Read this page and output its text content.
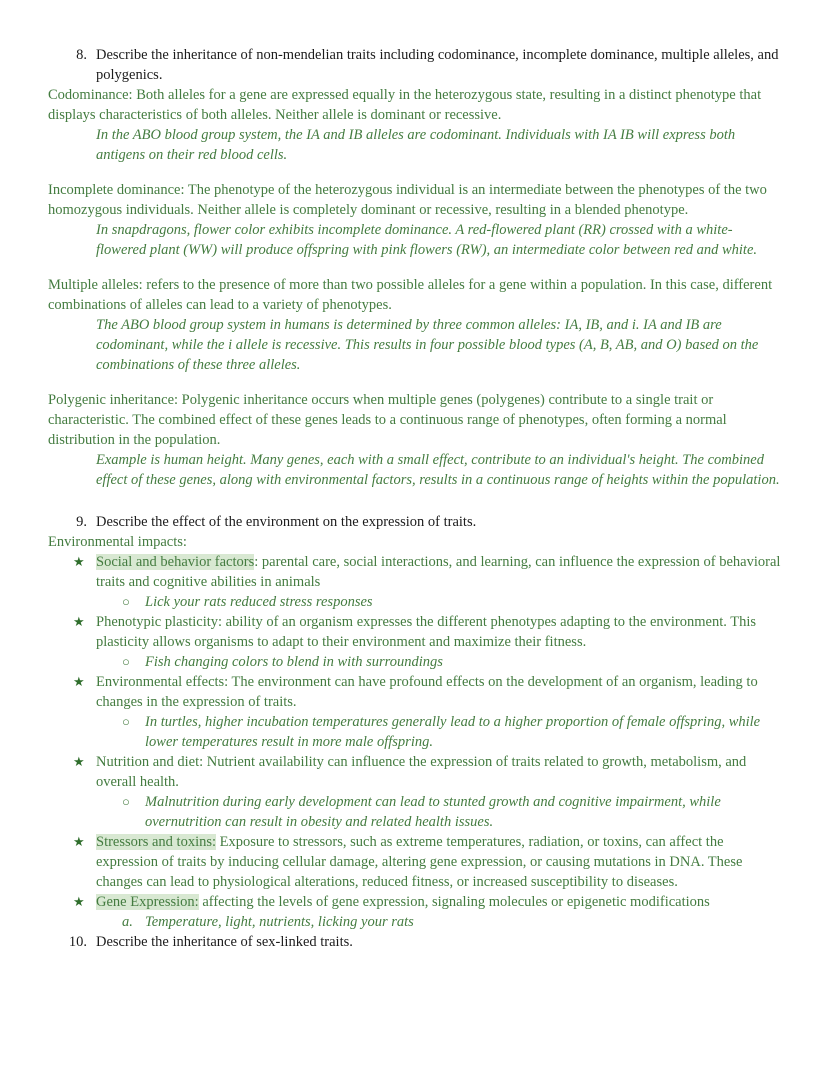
8. Describe the inheritance of non-mendelian traits including codominance, incomplete dominance, multiple alleles, and polygenics.

Codominance: Both alleles for a gene are expressed equally in the heterozygous state, resulting in a distinct phenotype that displays characteristics of both alleles. Neither allele is dominant or recessive.

In the ABO blood group system, the IA and IB alleles are codominant. Individuals with IA IB will express both antigens on their red blood cells.

Incomplete dominance: The phenotype of the heterozygous individual is an intermediate between the phenotypes of the two homozygous individuals. Neither allele is completely dominant or recessive, resulting in a blended phenotype.

In snapdragons, flower color exhibits incomplete dominance. A red-flowered plant (RR) crossed with a white-flowered plant (WW) will produce offspring with pink flowers (RW), an intermediate color between red and white.

Multiple alleles: refers to the presence of more than two possible alleles for a gene within a population. In this case, different combinations of alleles can lead to a variety of phenotypes.

The ABO blood group system in humans is determined by three common alleles: IA, IB, and i. IA and IB are codominant, while the i allele is recessive. This results in four possible blood types (A, B, AB, and O) based on the combinations of these three alleles.

Polygenic inheritance: Polygenic inheritance occurs when multiple genes (polygenes) contribute to a single trait or characteristic. The combined effect of these genes leads to a continuous range of phenotypes, often forming a normal distribution in the population.

Example is human height. Many genes, each with a small effect, contribute to an individual's height. The combined effect of these genes, along with environmental factors, results in a continuous range of heights within the population.

9. Describe the effect of the environment on the expression of traits.

Environmental impacts:

★ Social and behavior factors: parental care, social interactions, and learning, can influence the expression of behavioral traits and cognitive abilities in animals
○	Lick your rats reduced stress responses
★ Phenotypic plasticity: ability of an organism expresses the different phenotypes adapting to the environment. This plasticity allows organisms to adapt to their environment and maximize their fitness.
○	Fish changing colors to blend in with surroundings
★ Environmental effects: The environment can have profound effects on the development of an organism, leading to changes in the expression of traits.
○	In turtles, higher incubation temperatures generally lead to a higher proportion of female offspring, while lower temperatures result in more male offspring.
★ Nutrition and diet: Nutrient availability can influence the expression of traits related to growth, metabolism, and overall health.
○	Malnutrition during early development can lead to stunted growth and cognitive impairment, while overnutrition can result in obesity and related health issues.
★ Stressors and toxins: Exposure to stressors, such as extreme temperatures, radiation, or toxins, can affect the expression of traits by inducing cellular damage, altering gene expression, or causing mutations in DNA. These changes can lead to physiological alterations, reduced fitness, or increased susceptibility to diseases.
★ Gene Expression: affecting the levels of gene expression, signaling molecules or epigenetic modifications
a. Temperature, light, nutrients, licking your rats
10. Describe the inheritance of sex-linked traits.
